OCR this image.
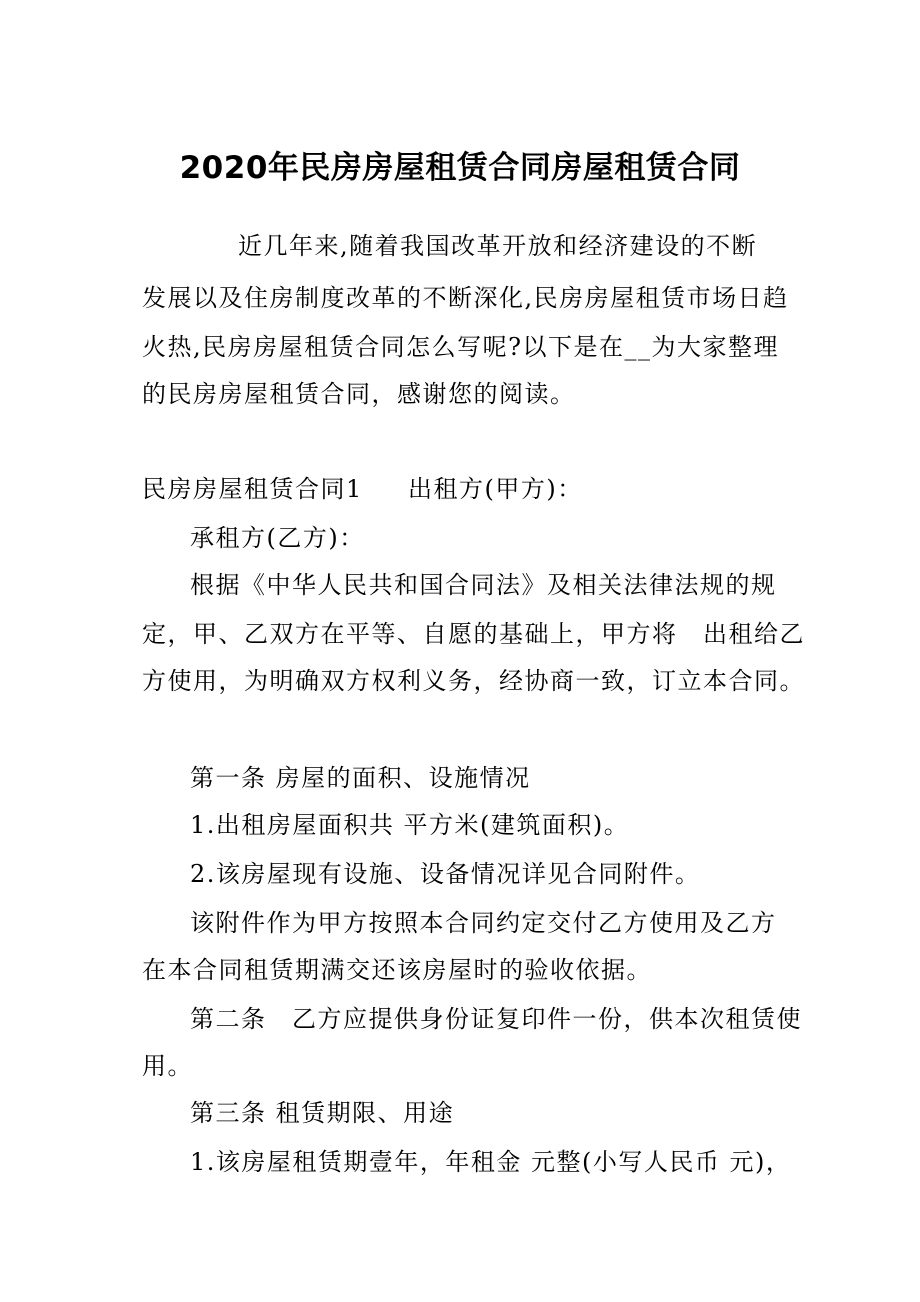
2020年民房房屋租赁合同房屋租赁合同
近几年来,随着我国改革开放和经济建设的不断
发展以及住房制度改革的不断深化,民房房屋租赁市场日趋
火热,民房房屋租赁合同怎么写呢?以下是在__为大家整理
的民房房屋租赁合同，感谢您的阅读。
民房房屋租赁合同1 出租方(甲方)：
承租方(乙方)：
根据《中华人民共和国合同法》及相关法律法规的规
定，甲、乙双方在平等、自愿的基础上，甲方将　出租给乙
方使用，为明确双方权利义务，经协商一致，订立本合同。
第一条 房屋的面积、设施情况
1.出租房屋面积共 平方米(建筑面积)。
2.该房屋现有设施、设备情况详见合同附件。
该附件作为甲方按照本合同约定交付乙方使用及乙方
在本合同租赁期满交还该房屋时的验收依据。
第二条　乙方应提供身份证复印件一份，供本次租赁使
用。
第三条 租赁期限、用途
1.该房屋租赁期壹年，年租金 元整(小写人民币 元)，
